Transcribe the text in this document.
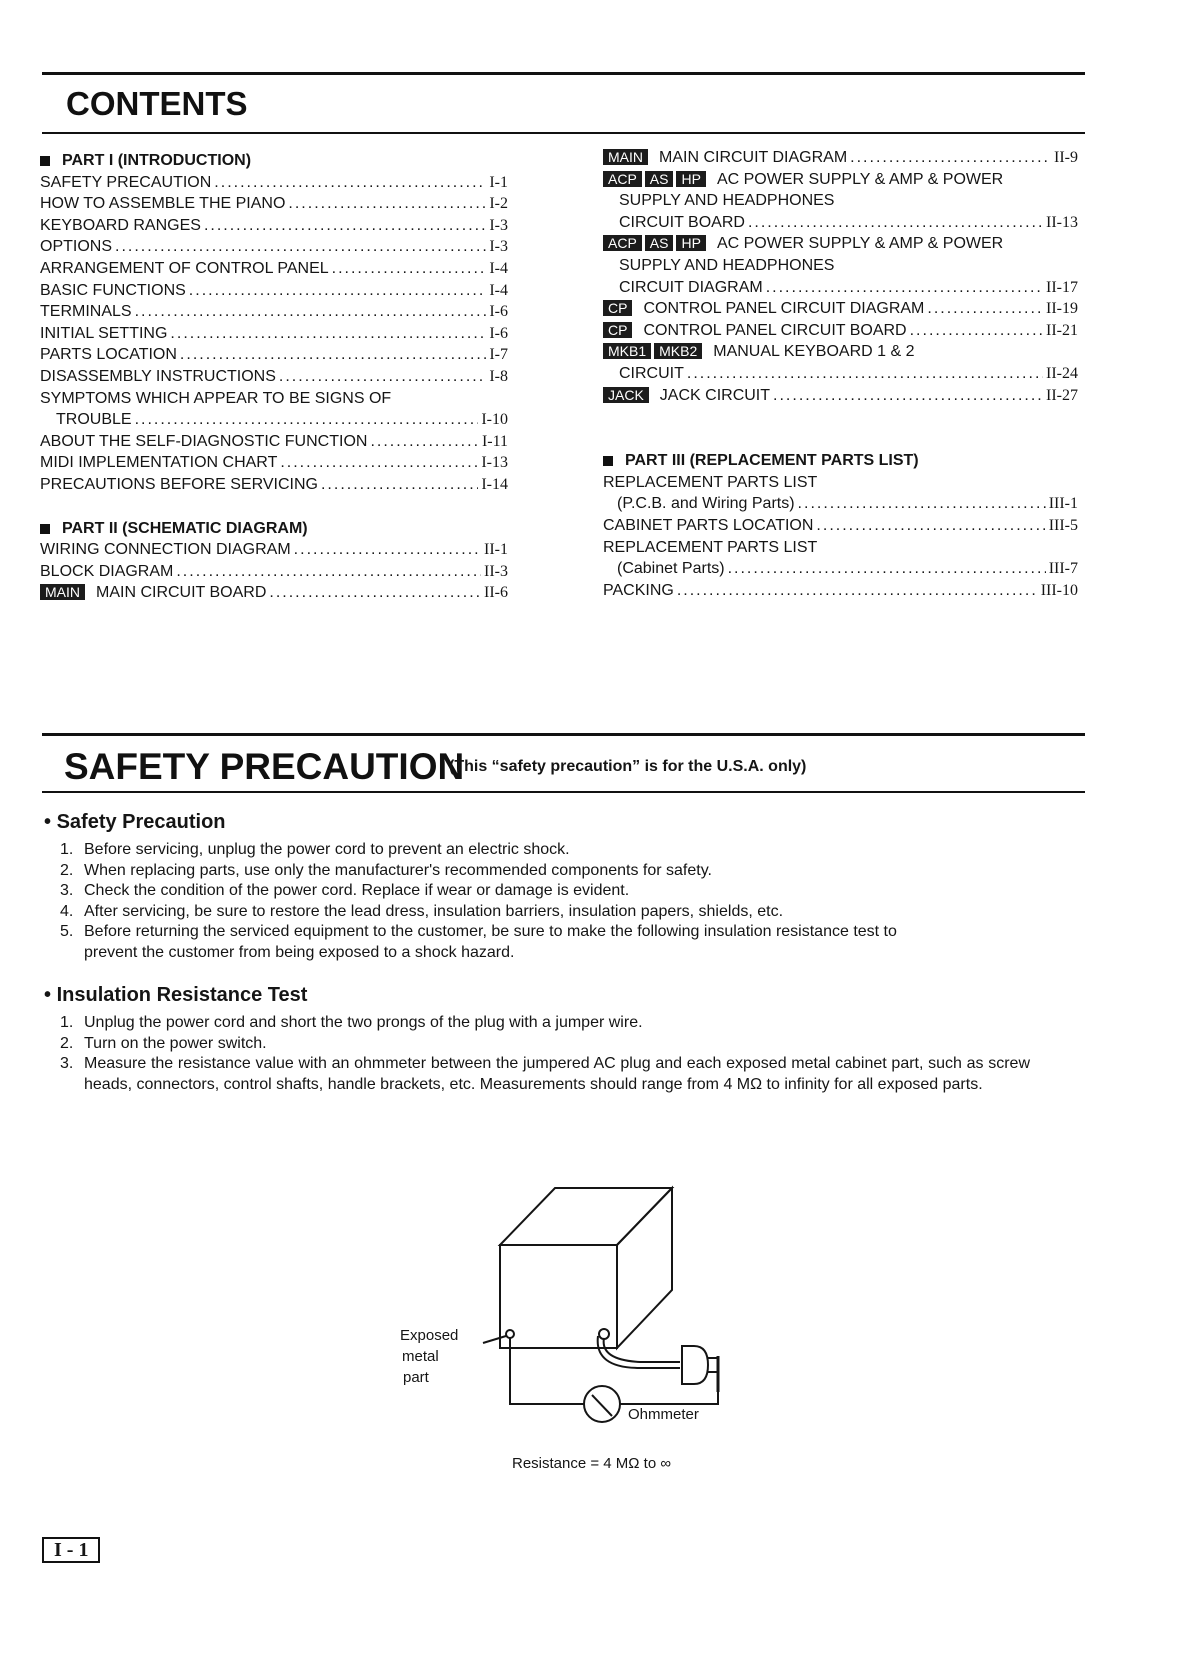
CONTENTS
PART I (INTRODUCTION)
SAFETY PRECAUTION .....	I-1
HOW TO ASSEMBLE THE PIANO .....	I-2
KEYBOARD RANGES .....	I-3
OPTIONS .....	I-3
ARRANGEMENT OF CONTROL PANEL .....	I-4
BASIC FUNCTIONS .....	I-4
TERMINALS .....	I-6
INITIAL SETTING .....	I-6
PARTS LOCATION .....	I-7
DISASSEMBLY INSTRUCTIONS .....	I-8
SYMPTOMS WHICH APPEAR TO BE SIGNS OF
TROUBLE .....	I-10
ABOUT THE SELF-DIAGNOSTIC FUNCTION .....	I-11
MIDI IMPLEMENTATION CHART .....	I-13
PRECAUTIONS BEFORE SERVICING .....	I-14
PART II (SCHEMATIC DIAGRAM)
WIRING CONNECTION DIAGRAM .....	II-1
BLOCK DIAGRAM .....	II-3
MAIN	MAIN CIRCUIT BOARD .....	II-6
MAIN	MAIN CIRCUIT DIAGRAM .....	II-9
ACP AS HP	AC POWER SUPPLY & AMP & POWER
SUPPLY AND HEADPHONES
CIRCUIT BOARD .....	II-13
ACP AS HP	AC POWER SUPPLY & AMP & POWER
SUPPLY AND HEADPHONES
CIRCUIT DIAGRAM .....	II-17
CP	CONTROL PANEL CIRCUIT DIAGRAM .....	II-19
CP	CONTROL PANEL CIRCUIT BOARD .....	II-21
MKB1 MKB2	MANUAL KEYBOARD 1 & 2
CIRCUIT .....	II-24
JACK	JACK CIRCUIT .....	II-27
PART III (REPLACEMENT PARTS LIST)
REPLACEMENT PARTS LIST
(P.C.B. and Wiring Parts) .....	III-1
CABINET PARTS LOCATION .....	III-5
REPLACEMENT PARTS LIST
(Cabinet Parts) .....	III-7
PACKING .....	III-10
SAFETY PRECAUTION
(This “safety precaution” is for the U.S.A. only)
• Safety Precaution
1. Before servicing, unplug the power cord to prevent an electric shock.
2. When replacing parts, use only the manufacturer's recommended components for safety.
3. Check the condition of the power cord. Replace if wear or damage is evident.
4. After servicing, be sure to restore the lead dress, insulation barriers, insulation papers, shields, etc.
5. Before returning the serviced equipment to the customer, be sure to make the following insulation resistance test to prevent the customer from being exposed to a shock hazard.
• Insulation Resistance Test
1. Unplug the power cord and short the two prongs of the plug with a jumper wire.
2. Turn on the power switch.
3. Measure the resistance value with an ohmmeter between the jumpered AC plug and each exposed metal cabinet part, such as screw heads, connectors, control shafts, handle brackets, etc. Measurements should range from 4 MΩ to infinity for all exposed parts.
Exposed
metal
part
Ohmmeter
Resistance = 4 MΩ to ∞
I - 1
